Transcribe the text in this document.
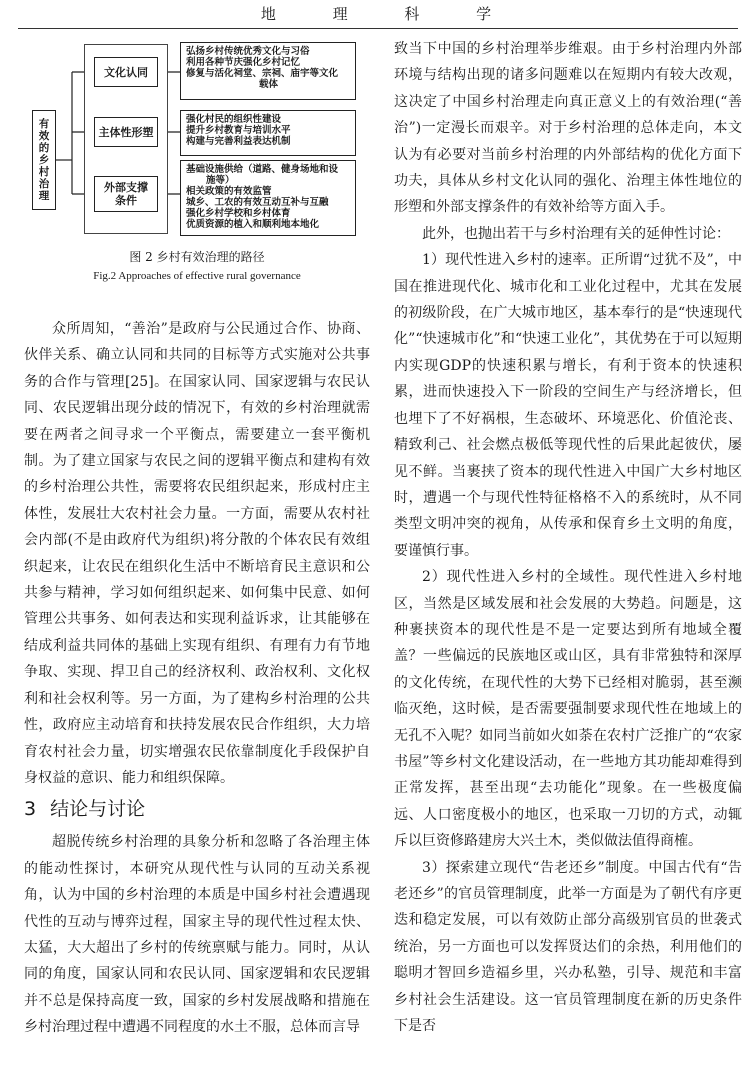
地 理 科 学
有效的乡村治理
文化认同
主体性形塑
外部支撑条件
弘扬乡村传统优秀文化与习俗
利用各种节庆强化乡村记忆
修复与活化祠堂、宗祠、庙宇等文化
载体
强化村民的组织性建设
提升乡村教育与培训水平
构建与完善利益表达机制
基础设施供给（道路、健身场地和设
施等）
相关政策的有效监管
城乡、工农的有效互动互补与互融
强化乡村学校和乡村体育
优质资源的植入和顺利地本地化
图 2 乡村有效治理的路径
Fig.2 Approaches of effective rural governance

众所周知，“善治”是政府与公民通过合作、协商、伙伴关系、确立认同和共同的目标等方式实施对公共事务的合作与管理[25]。在国家认同、国家逻辑与农民认同、农民逻辑出现分歧的情况下，有效的乡村治理就需要在两者之间寻求一个平衡点，需要建立一套平衡机制。为了建立国家与农民之间的逻辑平衡点和建构有效的乡村治理公共性，需要将农民组织起来，形成村庄主体性，发展壮大农村社会力量。一方面，需要从农村社会内部(不是由政府代为组织)将分散的个体农民有效组织起来，让农民在组织化生活中不断培育民主意识和公共参与精神，学习如何组织起来、如何集中民意、如何管理公共事务、如何表达和实现利益诉求，让其能够在结成利益共同体的基础上实现有组织、有理有力有节地争取、实现、捍卫自己的经济权利、政治权利、文化权利和社会权利等。另一方面，为了建构乡村治理的公共性，政府应主动培育和扶持发展农民合作组织，大力培育农村社会力量，切实增强农民依靠制度化手段保护自身权益的意识、能力和组织保障。

3 结论与讨论

超脱传统乡村治理的具象分析和忽略了各治理主体的能动性探讨，本研究从现代性与认同的互动关系视角，认为中国的乡村治理的本质是中国乡村社会遭遇现代性的互动与博弈过程，国家主导的现代性过程太快、太猛，大大超出了乡村的传统禀赋与能力。同时，从认同的角度，国家认同和农民认同、国家逻辑和农民逻辑并不总是保持高度一致，国家的乡村发展战略和措施在乡村治理过程中遭遇不同程度的水土不服，总体而言导

致当下中国的乡村治理举步维艰。由于乡村治理内外部环境与结构出现的诸多问题难以在短期内有较大改观，这决定了中国乡村治理走向真正意义上的有效治理(“善治”)一定漫长而艰辛。对于乡村治理的总体走向，本文认为有必要对当前乡村治理的内外部结构的优化方面下功夫，具体从乡村文化认同的强化、治理主体性地位的形塑和外部支撑条件的有效补给等方面入手。

此外，也抛出若干与乡村治理有关的延伸性讨论：

1）现代性进入乡村的速率。正所谓“过犹不及”，中国在推进现代化、城市化和工业化过程中，尤其在发展的初级阶段，在广大城市地区，基本奉行的是“快速现代化”“快速城市化”和“快速工业化”，其优势在于可以短期内实现GDP的快速积累与增长，有利于资本的快速积累，进而快速投入下一阶段的空间生产与经济增长，但也埋下了不好祸根，生态破坏、环境恶化、价值沦丧、精致利己、社会燃点极低等现代性的后果此起彼伏，屡见不鲜。当裹挟了资本的现代性进入中国广大乡村地区时，遭遇一个与现代性特征格格不入的系统时，从不同类型文明冲突的视角，从传承和保育乡土文明的角度，要谨慎行事。

2）现代性进入乡村的全域性。现代性进入乡村地区，当然是区域发展和社会发展的大势趋。问题是，这种裹挟资本的现代性是不是一定要达到所有地域全覆盖？一些偏远的民族地区或山区，具有非常独特和深厚的文化传统，在现代性的大势下已经相对脆弱，甚至濒临灭绝，这时候，是否需要强制要求现代性在地域上的无孔不入呢？如同当前如火如荼在农村广泛推广的“农家书屋”等乡村文化建设活动，在一些地方其功能却难得到正常发挥，甚至出现“去功能化”现象。在一些极度偏远、人口密度极小的地区，也采取一刀切的方式，动辄斥以巨资修路建房大兴土木，类似做法值得商榷。

3）探索建立现代“告老还乡”制度。中国古代有“告老还乡”的官员管理制度，此举一方面是为了朝代有序更迭和稳定发展，可以有效防止部分高级别官员的世袭式统治，另一方面也可以发挥贤达们的余热，利用他们的聪明才智回乡造福乡里，兴办私塾，引导、规范和丰富乡村社会生活建设。这一官员管理制度在新的历史条件下是否
